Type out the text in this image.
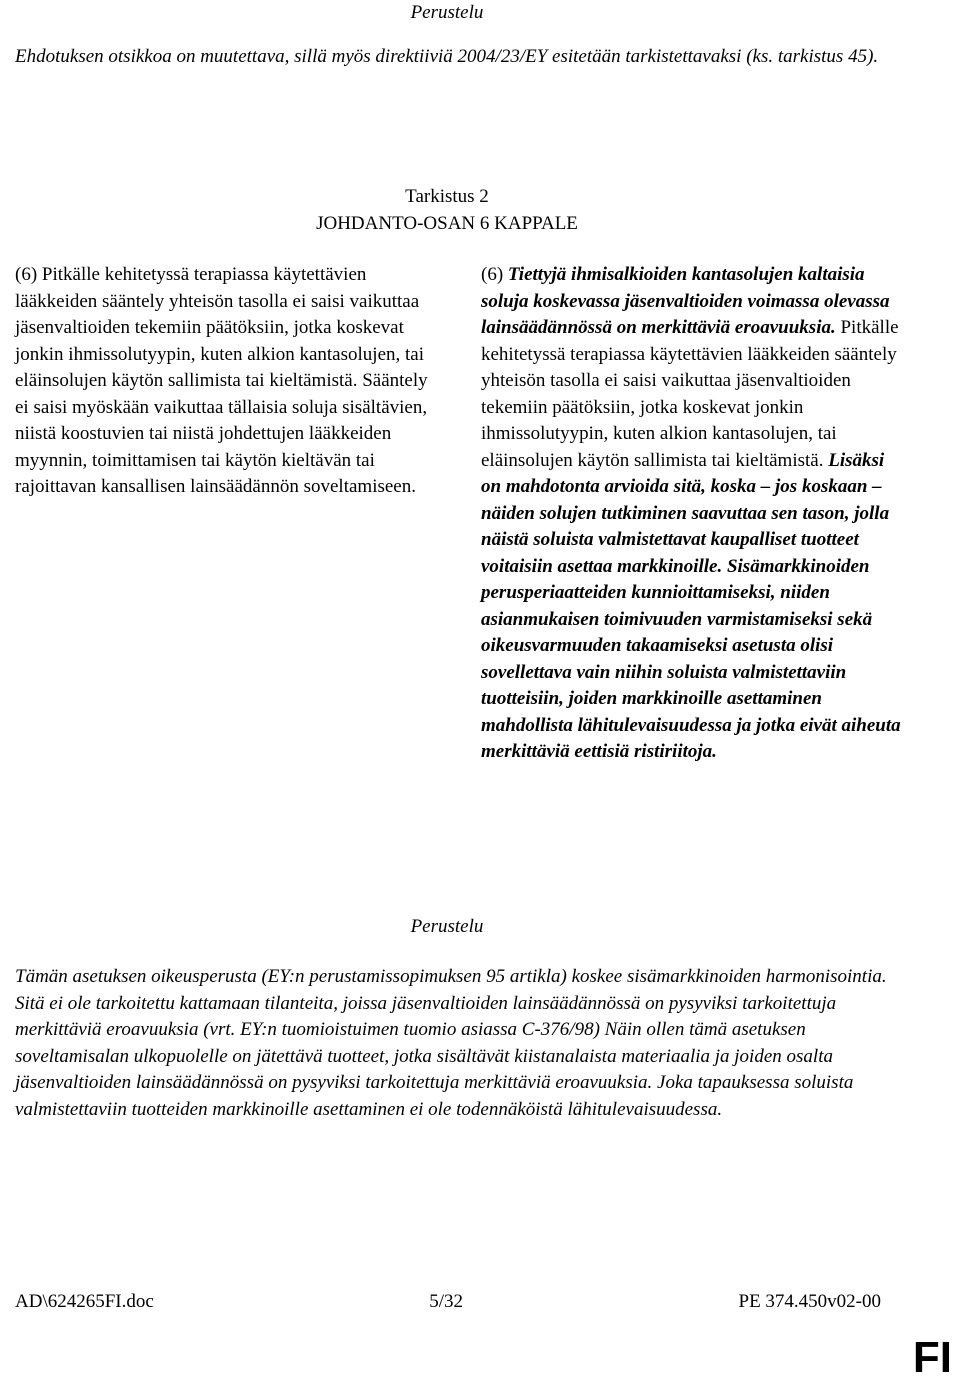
Perustelu
Ehdotuksen otsikkoa on muutettava, sillä myös direktiiviä 2004/23/EY esitetään tarkistettavaksi (ks. tarkistus 45).
Tarkistus 2
JOHDANTO-OSAN 6 KAPPALE
(6) Pitkälle kehitetyssä terapiassa käytettävien lääkkeiden sääntely yhteisön tasolla ei saisi vaikuttaa jäsenvaltioiden tekemiin päätöksiin, jotka koskevat jonkin ihmissolutyypin, kuten alkion kantasolujen, tai eläinsolujen käytön sallimista tai kieltämistä. Sääntely ei saisi myöskään vaikuttaa tällaisia soluja sisältävien, niistä koostuvien tai niistä johdettujen lääkkeiden myynnin, toimittamisen tai käytön kieltävän tai rajoittavan kansallisen lainsäädännön soveltamiseen.
(6) Tiettyjä ihmisalkioiden kantasolujen kaltaisia soluja koskevassa jäsenvaltioiden voimassa olevassa lainsäädännössä on merkittäviä eroavuuksia. Pitkälle kehitetyssä terapiassa käytettävien lääkkeiden sääntely yhteisön tasolla ei saisi vaikuttaa jäsenvaltioiden tekemiin päätöksiin, jotka koskevat jonkin ihmissolutyypin, kuten alkion kantasolujen, tai eläinsolujen käytön sallimista tai kieltämistä. Lisäksi on mahdotonta arvioida sitä, koska – jos koskaan – näiden solujen tutkiminen saavuttaa sen tason, jolla näistä soluista valmistettavat kaupalliset tuotteet voitaisiin asettaa markkinoille. Sisämarkkinoiden perusperiaatteiden kunnioittamiseksi, niiden asianmukaisen toimivuuden varmistamiseksi sekä oikeusvarmuuden takaamiseksi asetusta olisi sovellettava vain niihin soluista valmistettaviin tuotteisiin, joiden markkinoille asettaminen mahdollista lähitulevaisuudessa ja jotka eivät aiheuta merkittäviä eettisiä ristiriitoja.
Perustelu
Tämän asetuksen oikeusperusta (EY:n perustamissopimuksen 95 artikla) koskee sisämarkkinoiden harmonisointia. Sitä ei ole tarkoitettu kattamaan tilanteita, joissa jäsenvaltioiden lainsäädännössä on pysyviksi tarkoitettuja merkittäviä eroavuuksia (vrt. EY:n tuomioistuimen tuomio asiassa C-376/98) Näin ollen tämä asetuksen soveltamisalan ulkopuolelle on jätettävä tuotteet, jotka sisältävät kiistanalaista materiaalia ja joiden osalta jäsenvaltioiden lainsäädännössä on pysyviksi tarkoitettuja merkittäviä eroavuuksia. Joka tapauksessa soluista valmistettaviin tuotteiden markkinoille asettaminen ei ole todennäköistä lähitulevaisuudessa.
AD\624265FI.doc	5/32	PE 374.450v02-00
FI
